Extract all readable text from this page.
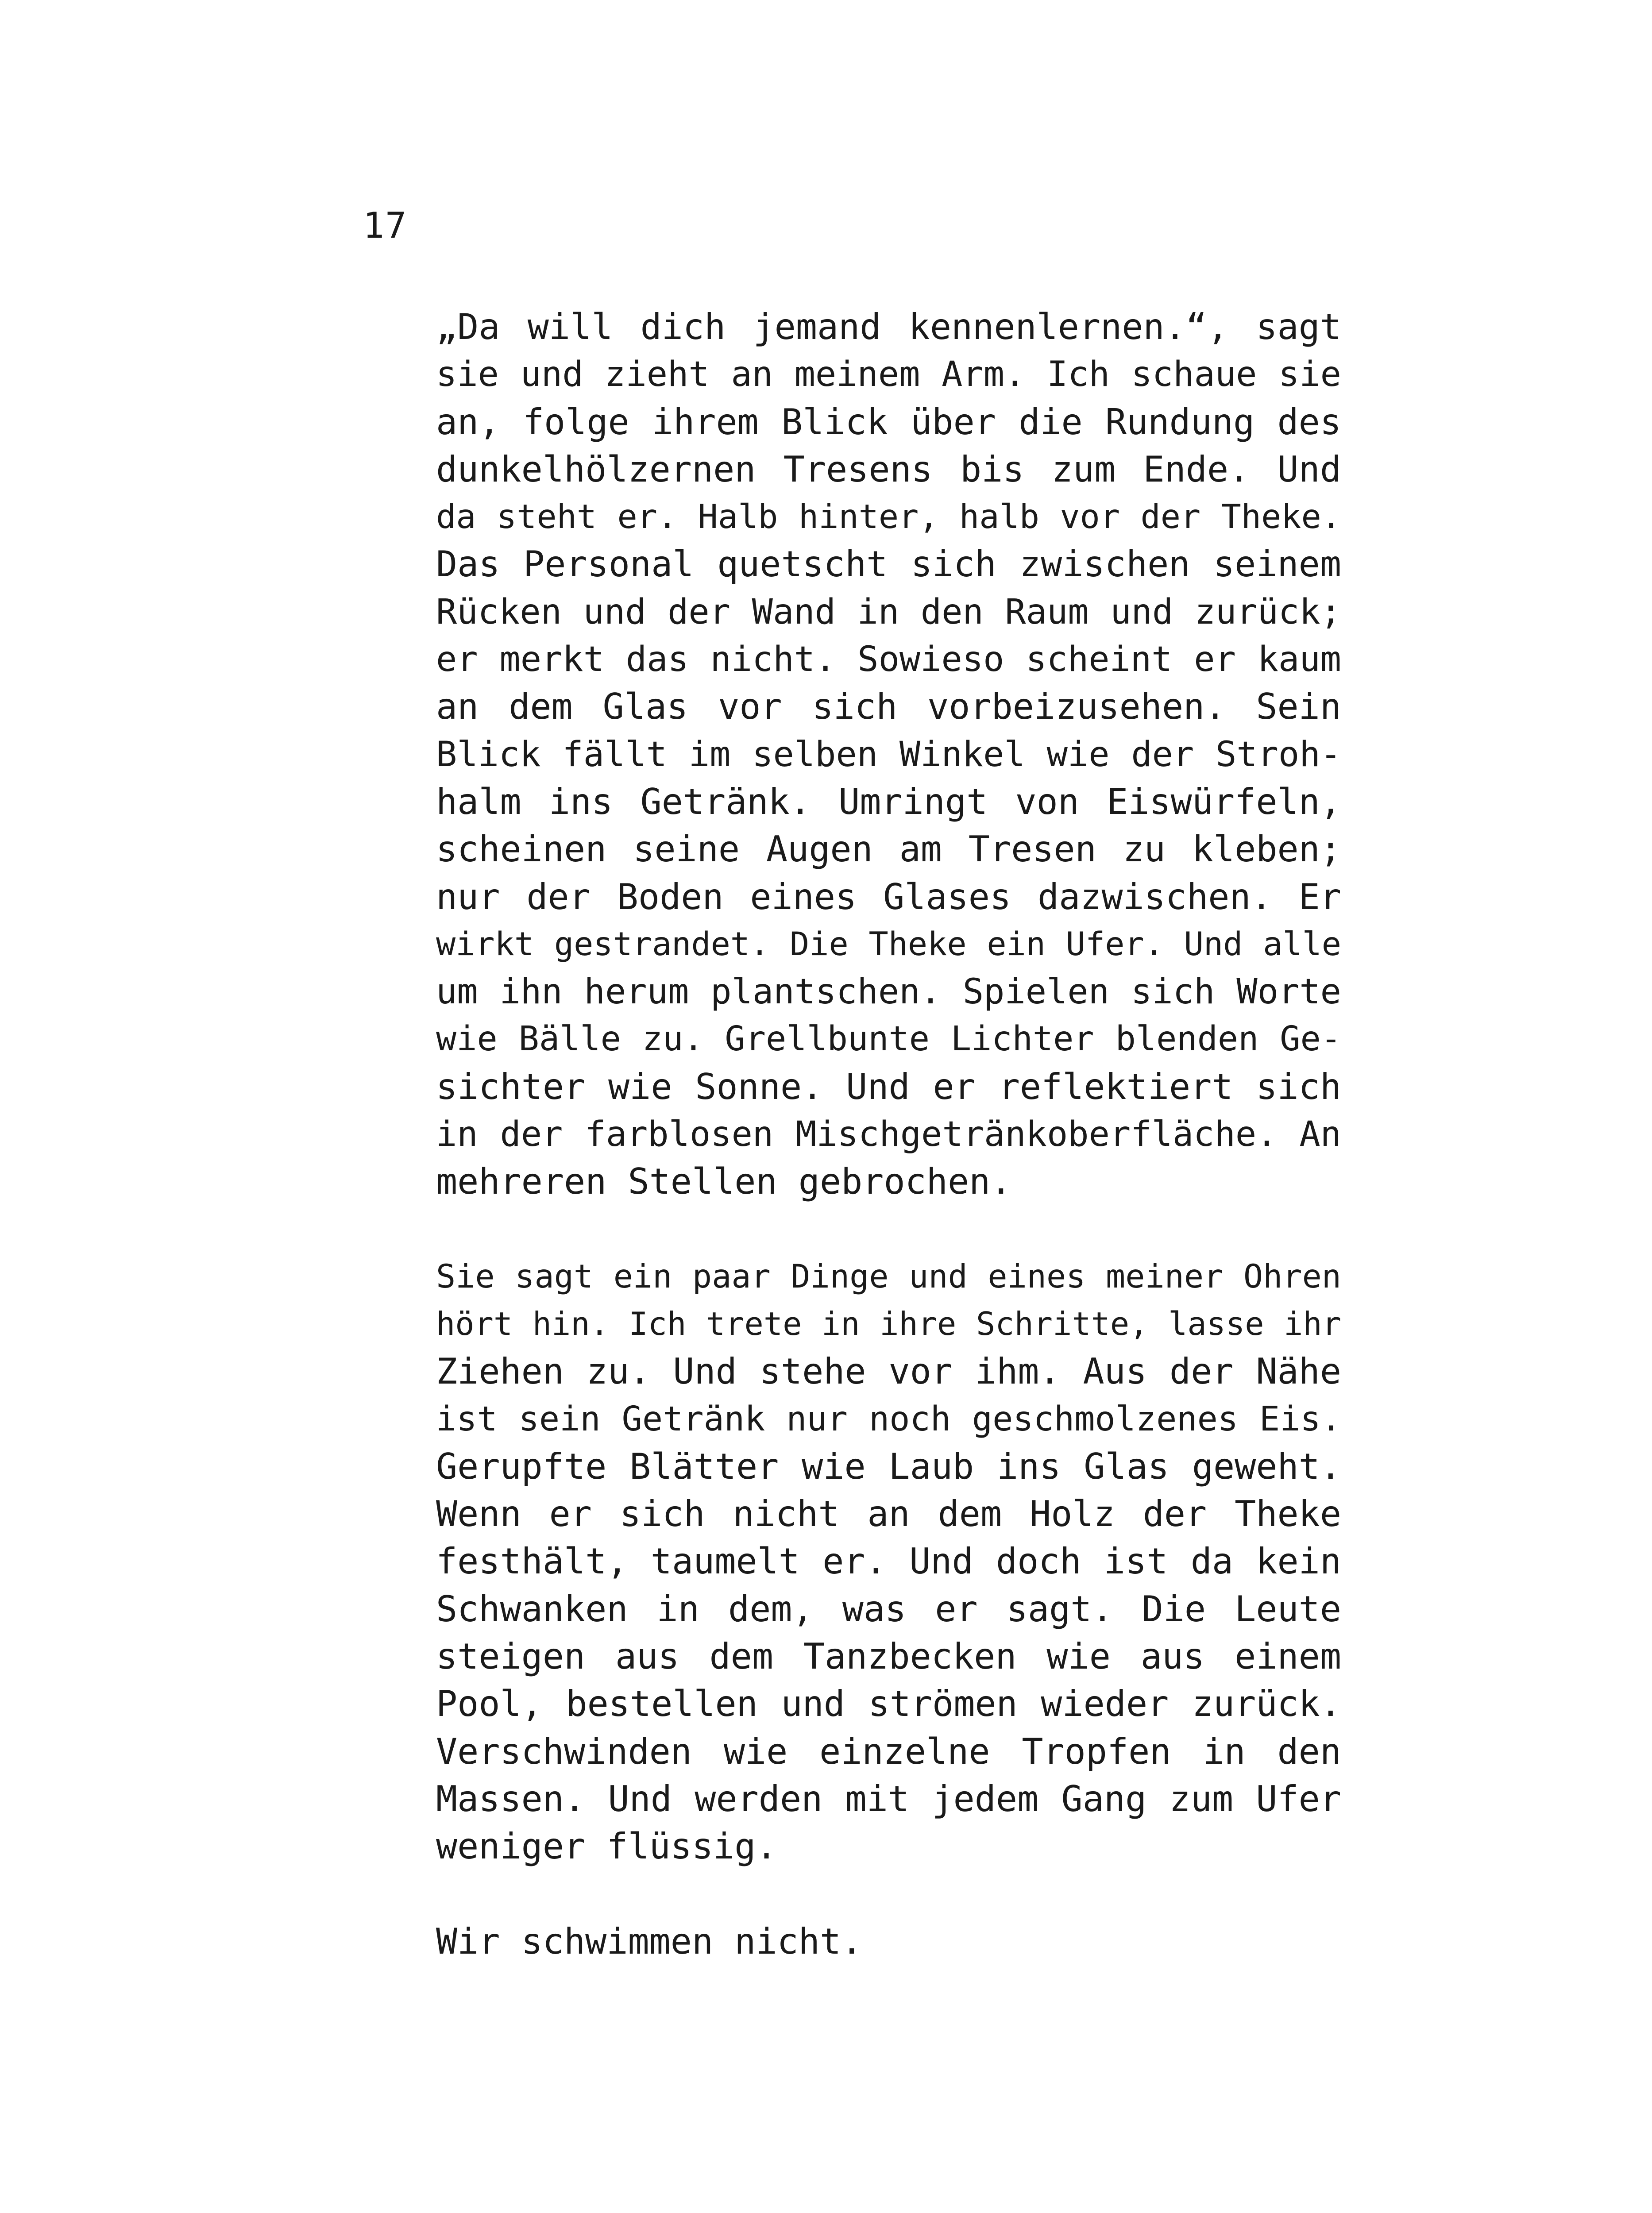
17
„Da will dich jemand kennenlernen.“, sagt
sie und zieht an meinem Arm. Ich schaue sie
an, folge ihrem Blick über die Rundung des
dunkelhölzernen Tresens bis zum Ende. Und
da steht er. Halb hinter, halb vor der Theke.
Das Personal quetscht sich zwischen seinem
Rücken und der Wand in den Raum und zurück;
er merkt das nicht. Sowieso scheint er kaum
an dem Glas vor sich vorbeizusehen. Sein
Blick fällt im selben Winkel wie der Stroh-
halm ins Getränk. Umringt von Eiswürfeln,
scheinen seine Augen am Tresen zu kleben;
nur der Boden eines Glases dazwischen. Er
wirkt gestrandet. Die Theke ein Ufer. Und alle
um ihn herum plantschen. Spielen sich Worte
wie Bälle zu. Grellbunte Lichter blenden Ge-
sichter wie Sonne. Und er reflektiert sich
in der farblosen Mischgetränkoberfläche. An
mehreren Stellen gebrochen.
Sie sagt ein paar Dinge und eines meiner Ohren
hört hin. Ich trete in ihre Schritte, lasse ihr
Ziehen zu. Und stehe vor ihm. Aus der Nähe
ist sein Getränk nur noch geschmolzenes Eis.
Gerupfte Blätter wie Laub ins Glas geweht.
Wenn er sich nicht an dem Holz der Theke
festhält, taumelt er. Und doch ist da kein
Schwanken in dem, was er sagt. Die Leute
steigen aus dem Tanzbecken wie aus einem
Pool, bestellen und strömen wieder zurück.
Verschwinden wie einzelne Tropfen in den
Massen. Und werden mit jedem Gang zum Ufer
weniger flüssig.
Wir schwimmen nicht.
